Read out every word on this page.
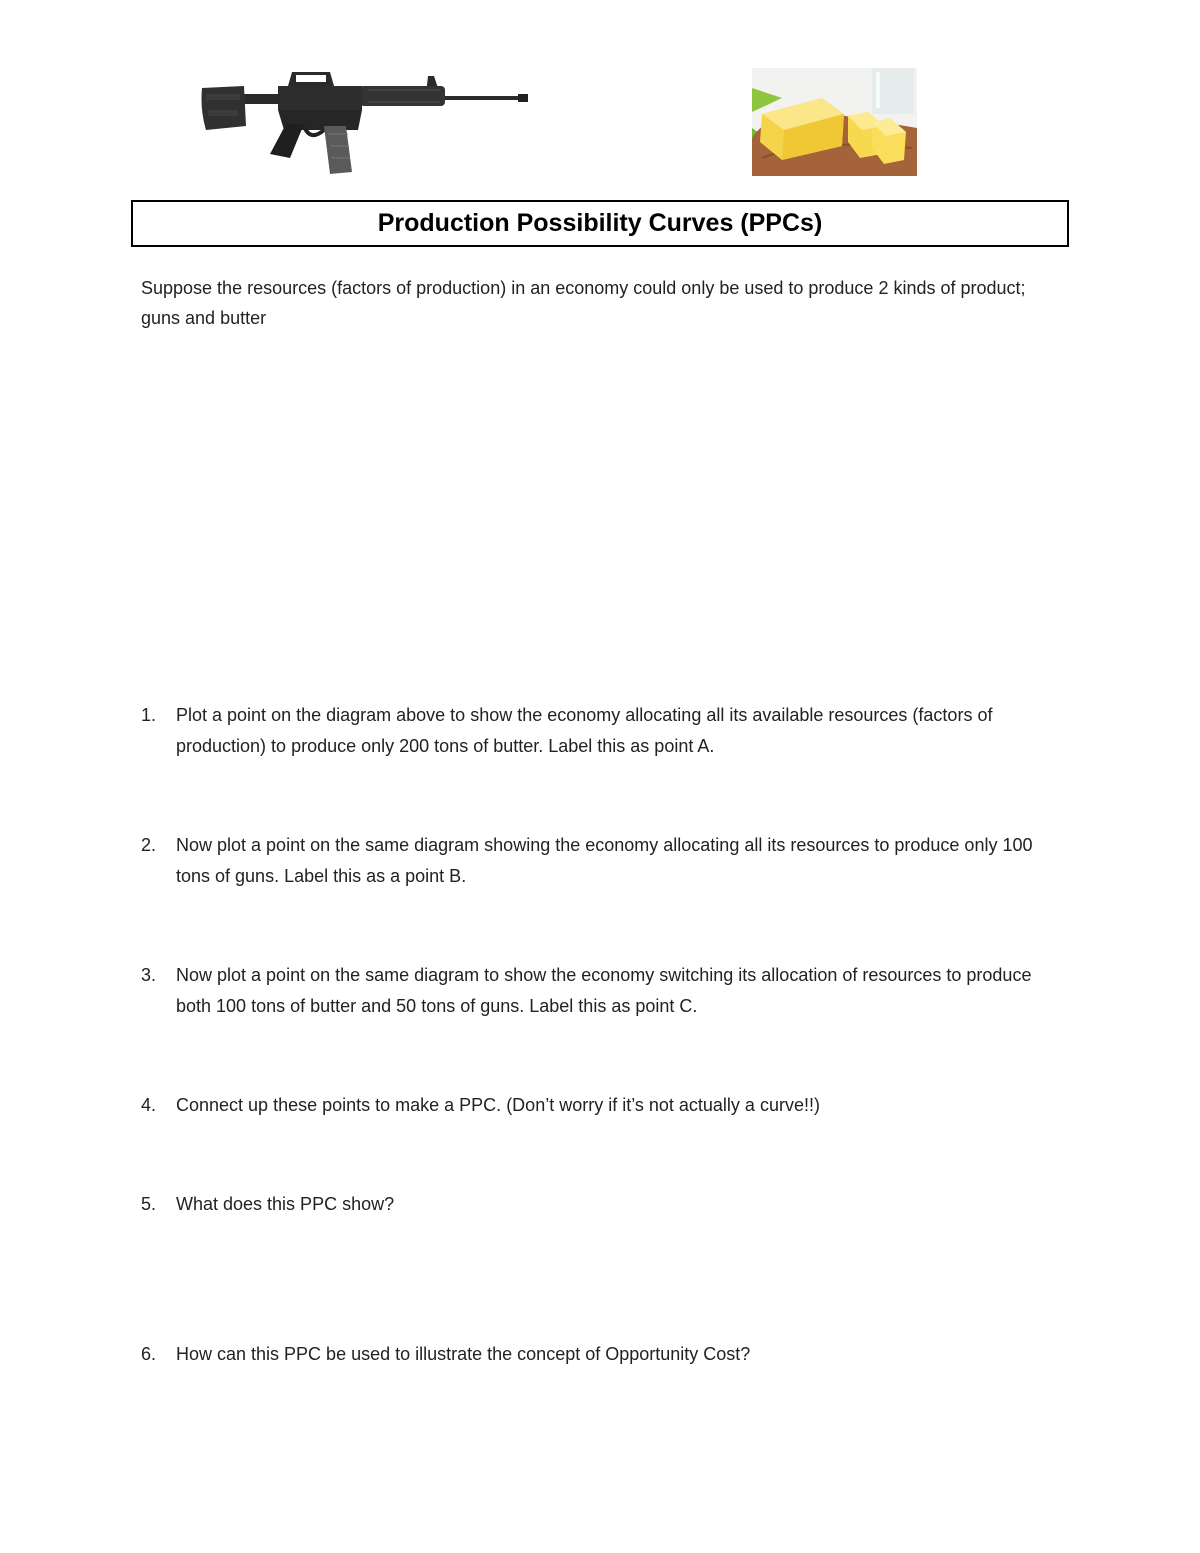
Production Possibility Curves (PPCs)
Suppose the resources (factors of production) in an economy could only be used to produce 2 kinds of product; guns and butter
1.	Plot a point on the diagram above to show the economy allocating all its available resources (factors of production) to produce only 200 tons of butter. Label this as point A.
2.	Now plot a point on the same diagram showing the economy allocating all its resources to produce only 100 tons of guns. Label this as a point B.
3.	Now plot a point on the same diagram to show the economy switching its allocation of resources to produce both 100 tons of butter and 50 tons of guns. Label this as point C.
4.	Connect up these points to make a PPC. (Don’t worry if it’s not actually a curve!!)
5.	What does this PPC show?
6.	How can this PPC be used to illustrate the concept of Opportunity Cost?
